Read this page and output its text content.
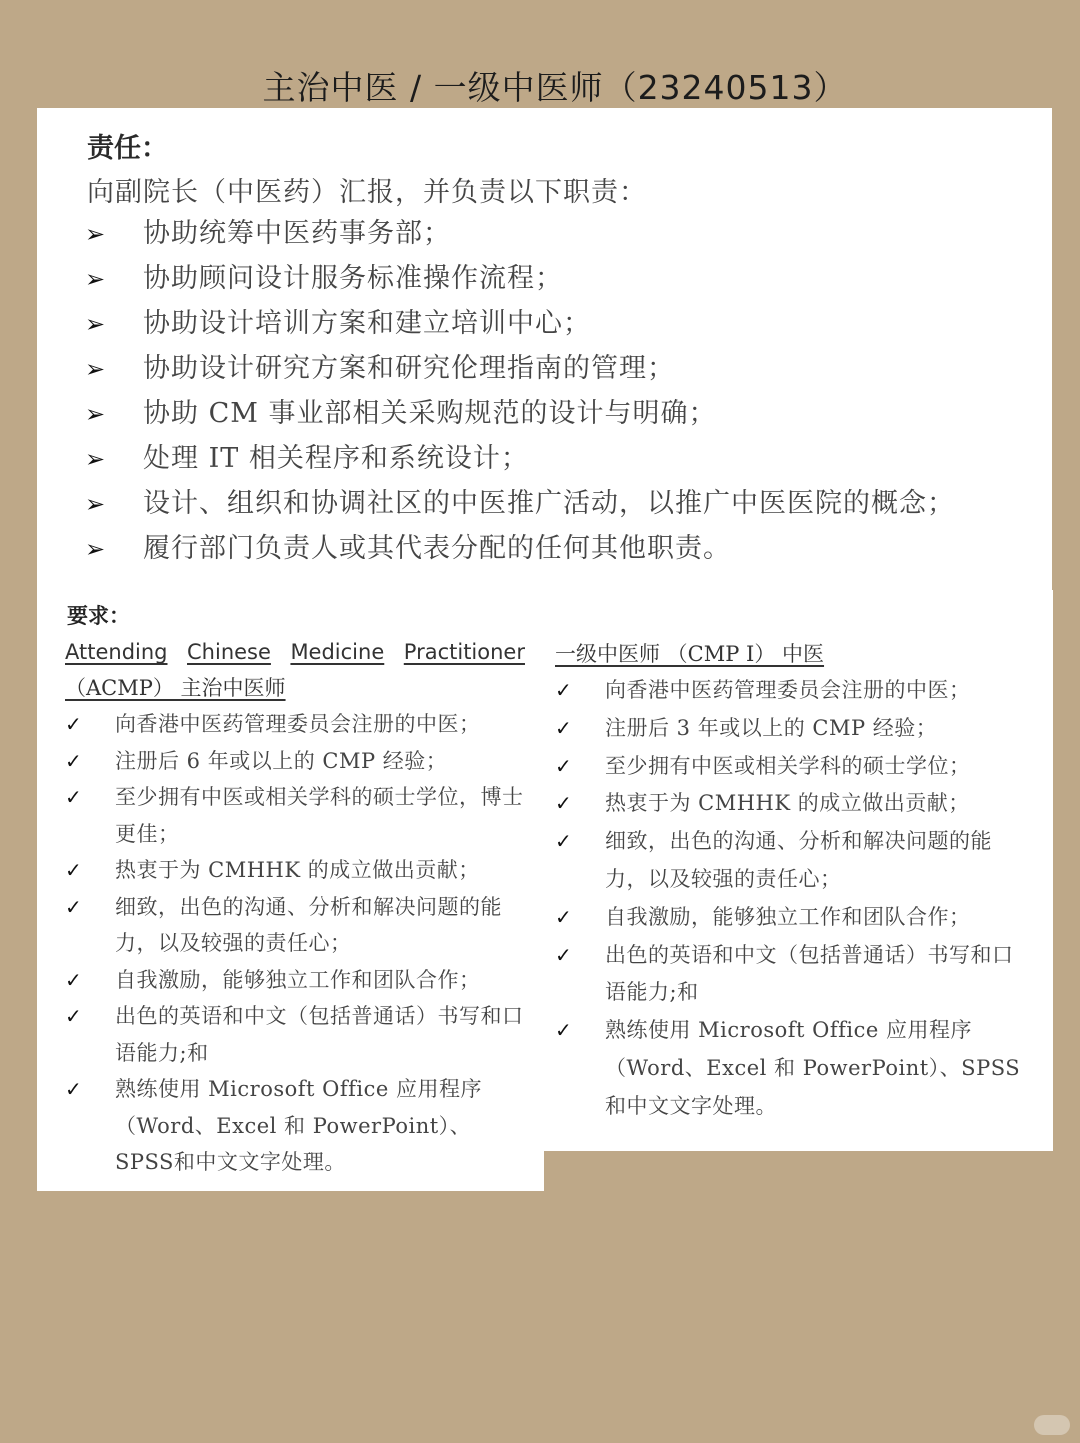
主治中医 / 一级中医师（23240513）
责任：
向副院长（中医药）汇报，并负责以下职责：
➢ 协助统筹中医药事务部；
➢ 协助顾问设计服务标准操作流程；
➢ 协助设计培训方案和建立培训中心；
➢ 协助设计研究方案和研究伦理指南的管理；
➢ 协助 CM 事业部相关采购规范的设计与明确；
➢ 处理 IT 相关程序和系统设计；
➢ 设计、组织和协调社区的中医推广活动，以推广中医医院的概念；
➢ 履行部门负责人或其代表分配的任何其他职责。
要求：
Attending Chinese Medicine Practitioner
（ACMP） 主治中医师
✓	向香港中医药管理委员会注册的中医；
✓	注册后 6 年或以上的 CMP 经验；
✓	至少拥有中医或相关学科的硕士学位，博士更佳；
✓	热衷于为 CMHHK 的成立做出贡献；
✓	细致，出色的沟通、分析和解决问题的能力，以及较强的责任心；
✓	自我激励，能够独立工作和团队合作；
✓	出色的英语和中文（包括普通话）书写和口语能力;和
✓	熟练使用 Microsoft Office 应用程序（Word、Excel 和 PowerPoint）、SPSS和中文文字处理。
一级中医师 （CMP I） 中医
✓	向香港中医药管理委员会注册的中医；
✓	注册后 3 年或以上的 CMP 经验；
✓	至少拥有中医或相关学科的硕士学位；
✓	热衷于为 CMHHK 的成立做出贡献；
✓	细致，出色的沟通、分析和解决问题的能力，以及较强的责任心；
✓	自我激励，能够独立工作和团队合作；
✓	出色的英语和中文（包括普通话）书写和口语能力;和
✓	熟练使用 Microsoft Office 应用程序（Word、Excel 和 PowerPoint）、SPSS和中文文字处理。
